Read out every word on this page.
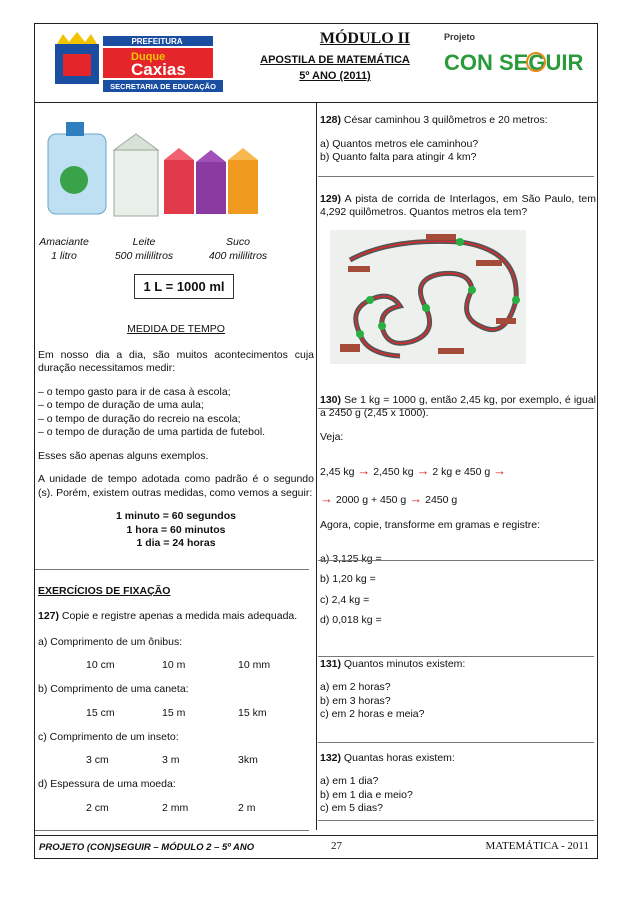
PREFEITURA
Duque
Caxias
SECRETARIA DE EDUCAÇÃO
MÓDULO II
APOSTILA DE MATEMÁTICA
5º ANO (2011)
Projeto
CON SEGUIR
Amaciante
1 litro
Leite
500 mililitros
Suco
400 mililitros
1 L = 1000 ml

MEDIDA DE TEMPO

Em nosso dia a dia, são muitos acontecimentos cuja duração necessitamos medir:

– o tempo gasto para ir de casa à escola;

– o tempo de duração de uma aula;

– o tempo de duração do recreio na escola;

– o tempo de duração de uma partida de futebol.

Esses são apenas alguns exemplos.

A unidade de tempo adotada como padrão é o segundo (s). Porém, existem outras medidas, como vemos a seguir:

1 minuto = 60 segundos

1 hora = 60 minutos

1 dia = 24 horas

EXERCÍCIOS DE FIXAÇÃO

127) Copie e registre apenas a medida mais adequada.

a) Comprimento de um ônibus:

10 cm	10 m	10 mm

b) Comprimento de uma caneta:

15 cm	15 m	15 km

c) Comprimento de um inseto:

3 cm	3 m	3km

d) Espessura de uma moeda:

2 cm	2 mm	2 m

128) César caminhou 3 quilômetros e 20 metros:

a) Quantos metros ele caminhou?

b) Quanto falta para atingir 4 km?

129) A pista de corrida de Interlagos, em São Paulo, tem 4,292 quilômetros. Quantos metros ela tem?

130) Se 1 kg = 1000 g, então 2,45 kg, por exemplo, é igual a 2450 g (2,45 x 1000).

Veja:

2,45 kg → 2,450 kg → 2 kg e 450 g →

→ 2000 g + 450 g → 2450 g

Agora, copie, transforme em gramas e registre:

a) 3,125 kg =

b) 1,20 kg =

c) 2,4 kg =

d) 0,018 kg =

131) Quantos minutos existem:

a) em 2 horas?

b) em 3 horas?

c) em 2 horas e meia?

132) Quantas horas existem:

a) em 1 dia?

b) em 1 dia e meio?

c) em 5 dias?

PROJETO (CON)SEGUIR – MÓDULO 2 – 5º ANO	27	MATEMÁTICA - 2011
